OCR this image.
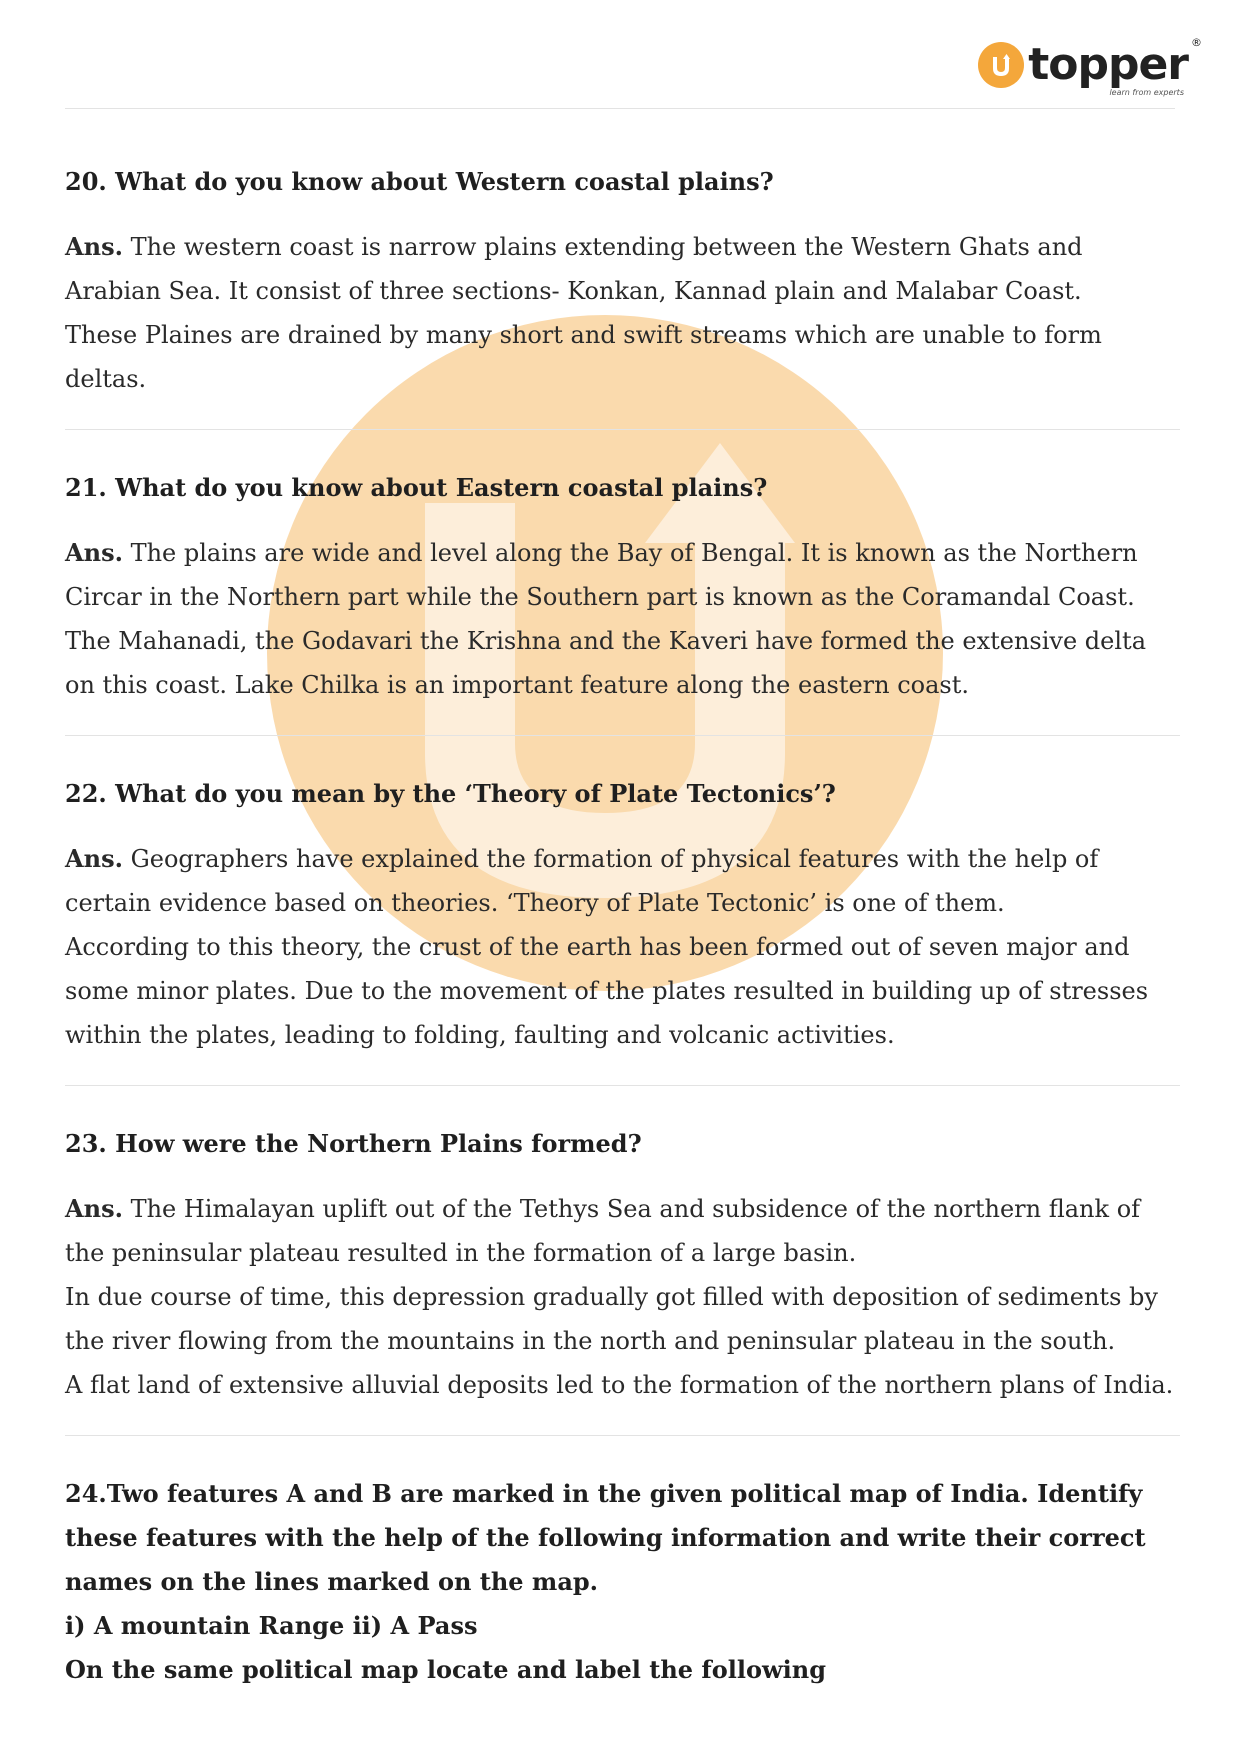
topper ®
learn from experts
20. What do you know about Western coastal plains?

Ans. The western coast is narrow plains extending between the Western Ghats and Arabian Sea. It consist of three sections- Konkan, Kannad plain and Malabar Coast.

These Plaines are drained by many short and swift streams which are unable to form deltas.

21. What do you know about Eastern coastal plains?

Ans. The plains are wide and level along the Bay of Bengal. It is known as the Northern Circar in the Northern part while the Southern part is known as the Coramandal Coast.

The Mahanadi, the Godavari the Krishna and the Kaveri have formed the extensive delta on this coast. Lake Chilka is an important feature along the eastern coast.

22. What do you mean by the ‘Theory of Plate Tectonics’?

Ans. Geographers have explained the formation of physical features with the help of certain evidence based on theories. ‘Theory of Plate Tectonic’ is one of them.

According to this theory, the crust of the earth has been formed out of seven major and some minor plates. Due to the movement of the plates resulted in building up of stresses within the plates, leading to folding, faulting and volcanic activities.

23. How were the Northern Plains formed?

Ans. The Himalayan uplift out of the Tethys Sea and subsidence of the northern flank of the peninsular plateau resulted in the formation of a large basin.

In due course of time, this depression gradually got filled with deposition of sediments by the river flowing from the mountains in the north and peninsular plateau in the south.

A flat land of extensive alluvial deposits led to the formation of the northern plans of India.

24.Two features A and B are marked in the given political map of India. Identify these features with the help of the following information and write their correct names on the lines marked on the map.

i) A mountain Range ii) A Pass

On the same political map locate and label the following
